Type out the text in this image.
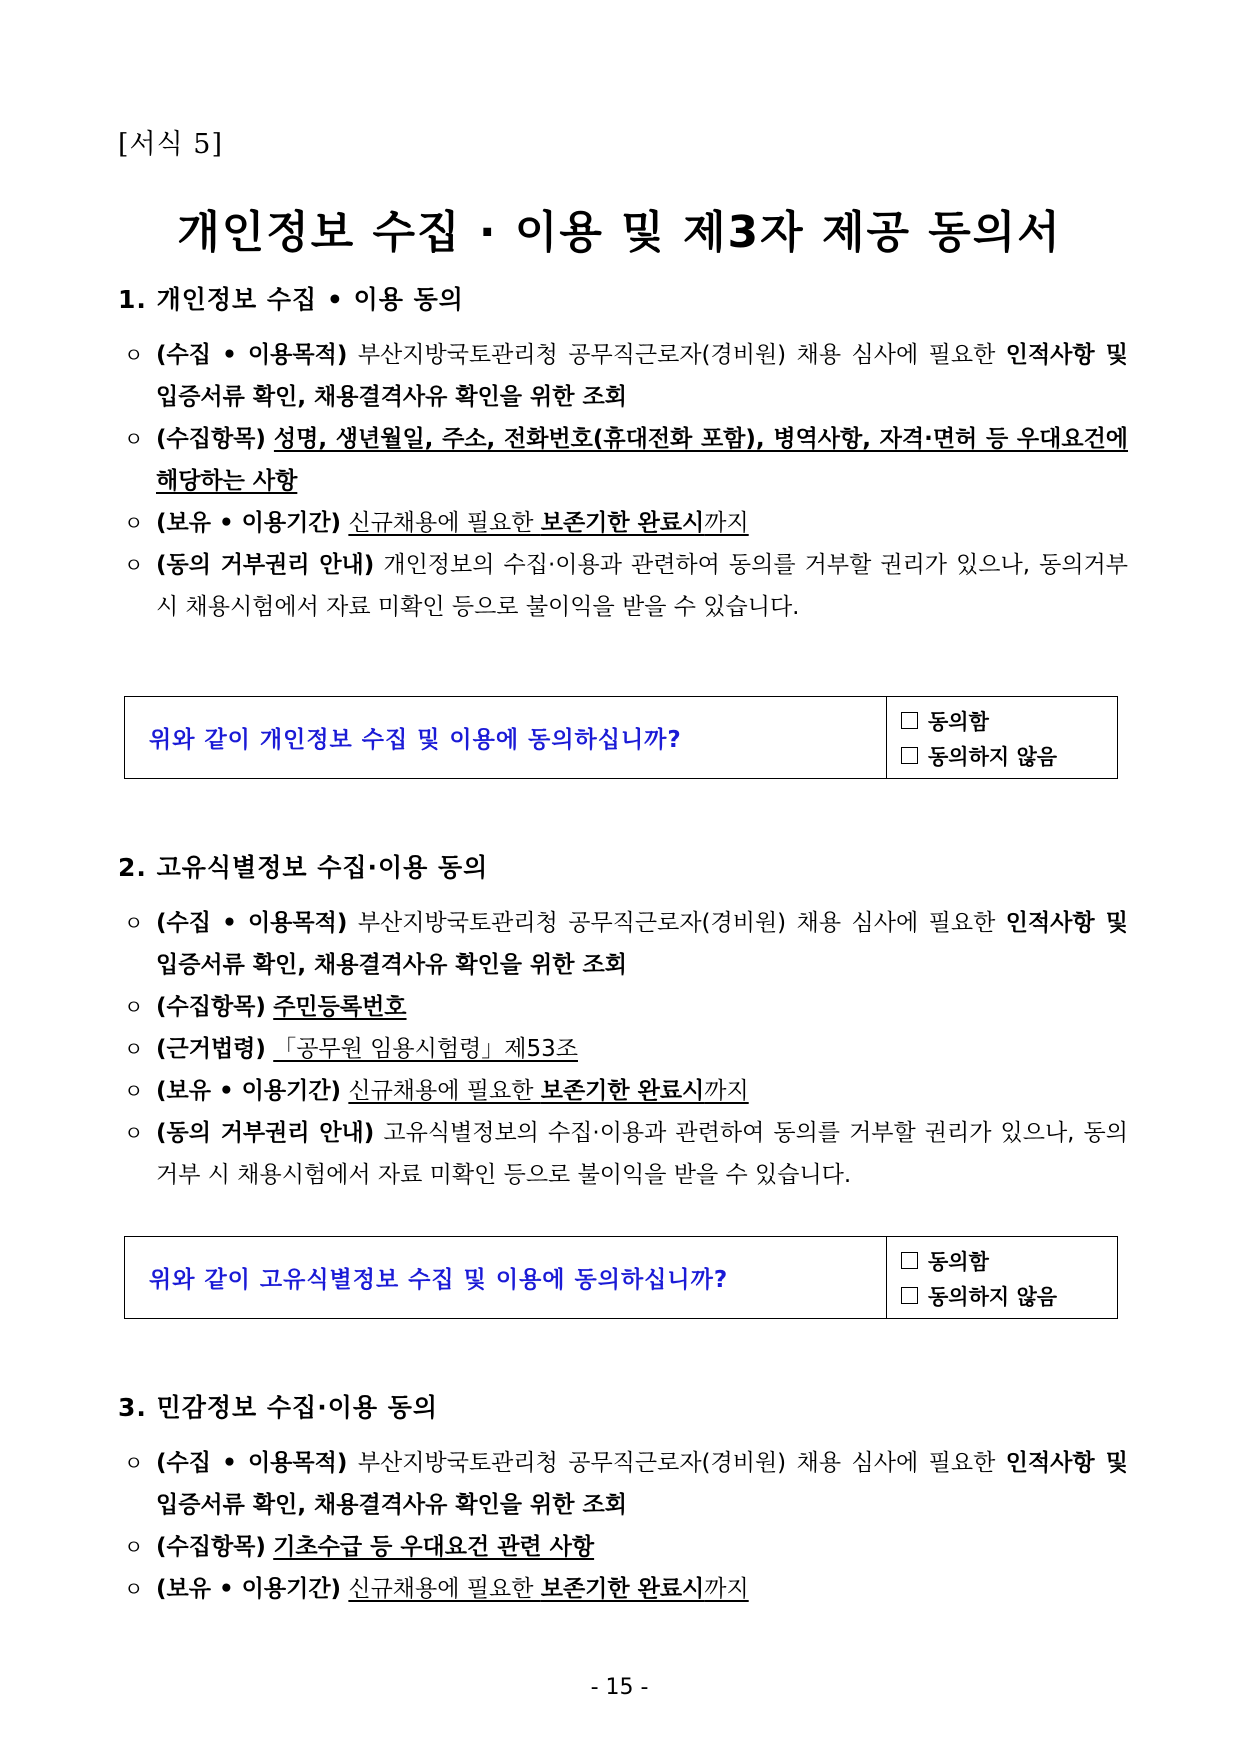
[서식 5]
개인정보 수집 · 이용 및 제3자 제공 동의서
1. 개인정보 수집 • 이용 동의
ㅇ (수집 • 이용목적) 부산지방국토관리청 공무직근로자(경비원) 채용 심사에 필요한 인적사항 및 입증서류 확인, 채용결격사유 확인을 위한 조회
ㅇ (수집항목) 성명, 생년월일, 주소, 전화번호(휴대전화 포함), 병역사항, 자격·면허 등 우대요건에 해당하는 사항
ㅇ (보유 • 이용기간) 신규채용에 필요한 보존기한 완료시까지
ㅇ (동의 거부권리 안내) 개인정보의 수집·이용과 관련하여 동의를 거부할 권리가 있으나, 동의거부 시 채용시험에서 자료 미확인 등으로 불이익을 받을 수 있습니다.
위와 같이 개인정보 수집 및 이용에 동의하십니까?
동의함
동의하지 않음
2. 고유식별정보 수집·이용 동의
ㅇ (수집 • 이용목적) 부산지방국토관리청 공무직근로자(경비원) 채용 심사에 필요한 인적사항 및 입증서류 확인, 채용결격사유 확인을 위한 조회
ㅇ (수집항목) 주민등록번호
ㅇ (근거법령) 「공무원 임용시험령」제53조
ㅇ (보유 • 이용기간) 신규채용에 필요한 보존기한 완료시까지
ㅇ (동의 거부권리 안내) 고유식별정보의 수집·이용과 관련하여 동의를 거부할 권리가 있으나, 동의거부 시 채용시험에서 자료 미확인 등으로 불이익을 받을 수 있습니다.
위와 같이 고유식별정보 수집 및 이용에 동의하십니까?
동의함
동의하지 않음
3. 민감정보 수집·이용 동의
ㅇ (수집 • 이용목적) 부산지방국토관리청 공무직근로자(경비원) 채용 심사에 필요한 인적사항 및 입증서류 확인, 채용결격사유 확인을 위한 조회
ㅇ (수집항목) 기초수급 등 우대요건 관련 사항
ㅇ (보유 • 이용기간) 신규채용에 필요한 보존기한 완료시까지
- 15 -
